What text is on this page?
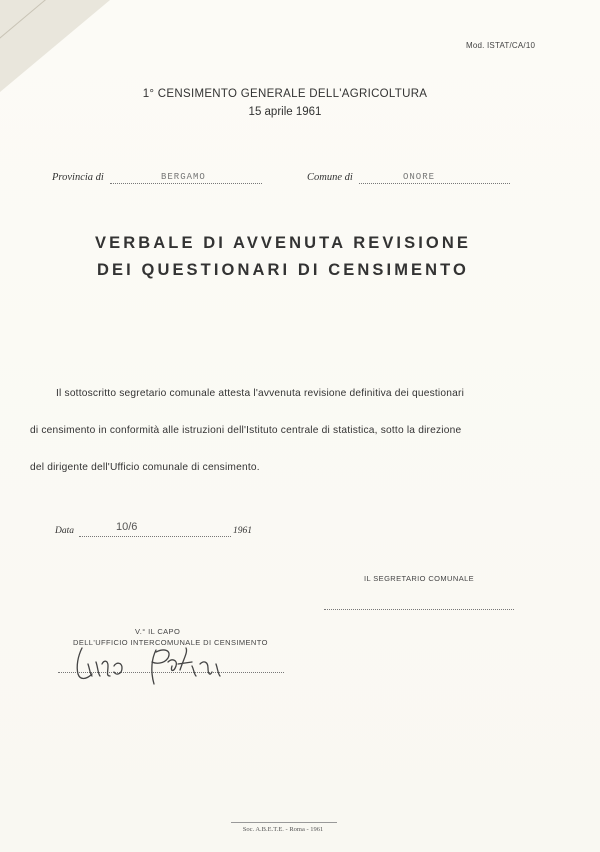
Mod. ISTAT/CA/10
1° CENSIMENTO GENERALE DELL'AGRICOLTURA
15 aprile 1961
Provincia di	BERGAMO	Comune di	ONORE
VERBALE DI AVVENUTA REVISIONE
DEI QUESTIONARI DI CENSIMENTO
Il sottoscritto segretario comunale attesta l'avvenuta revisione definitiva dei questionari
di censimento in conformità alle istruzioni dell'Istituto centrale di statistica, sotto la direzione
del dirigente dell'Ufficio comunale di censimento.
Data	10/6	1961
IL SEGRETARIO COMUNALE
V.° IL CAPO
DELL'UFFICIO INTERCOMUNALE DI CENSIMENTO
Soc. A.B.E.T.E. - Roma - 1961
